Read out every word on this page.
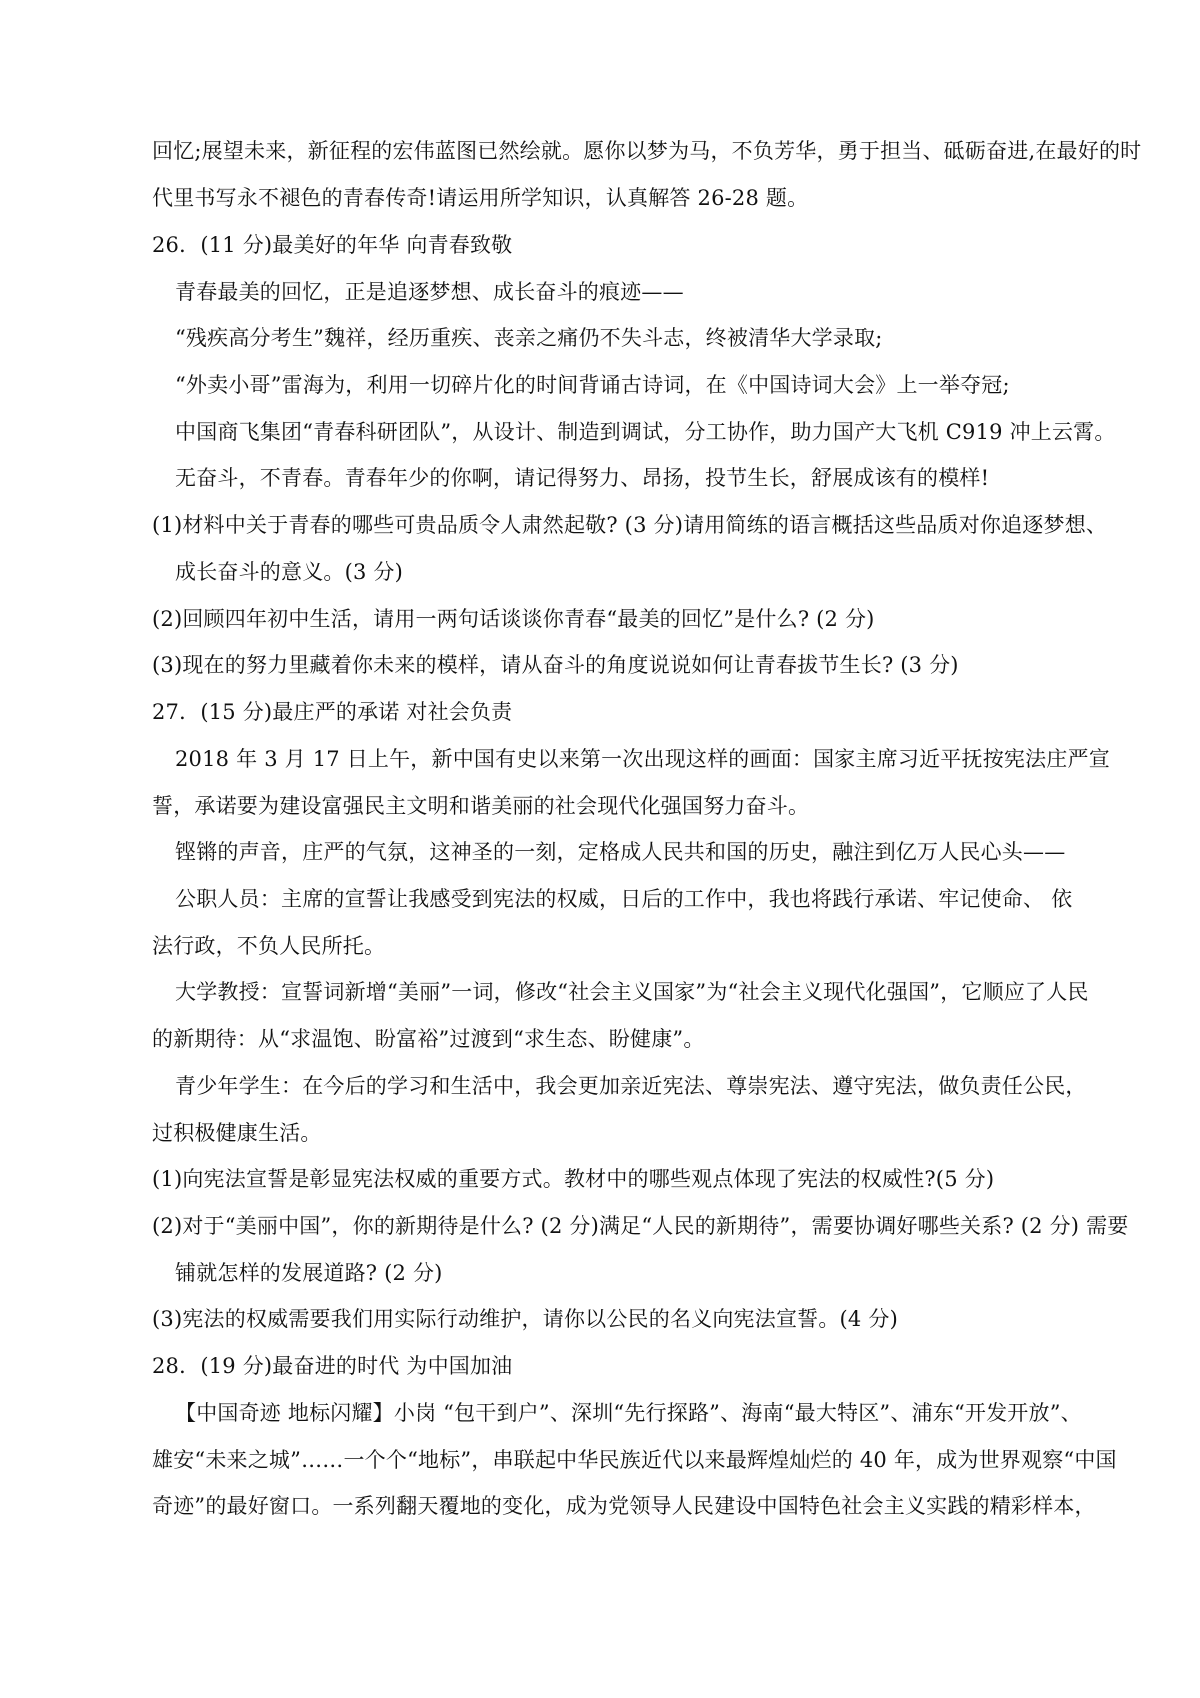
回忆;展望未来，新征程的宏伟蓝图已然绘就。愿你以梦为马，不负芳华，勇于担当、砥砺奋进,在最好的时
代里书写永不褪色的青春传奇!请运用所学知识，认真解答 26-28 题。
26．(11 分)最美好的年华 向青春致敬
青春最美的回忆，正是追逐梦想、成长奋斗的痕迹——
“残疾高分考生”魏祥，经历重疾、丧亲之痛仍不失斗志，终被清华大学录取;
“外卖小哥”雷海为，利用一切碎片化的时间背诵古诗词，在《中国诗词大会》上一举夺冠;
中国商飞集团“青春科研团队”，从设计、制造到调试，分工协作，助力国产大飞机 C919 冲上云霄。
无奋斗，不青春。青春年少的你啊，请记得努力、昂扬，投节生长，舒展成该有的模样!
(1)材料中关于青春的哪些可贵品质令人肃然起敬? (3 分)请用简练的语言概括这些品质对你追逐梦想、
成长奋斗的意义。(3 分)
(2)回顾四年初中生活，请用一两句话谈谈你青春“最美的回忆”是什么? (2 分)
(3)现在的努力里藏着你未来的模样，请从奋斗的角度说说如何让青春拔节生长? (3 分)
27．(15 分)最庄严的承诺 对社会负责
2018 年 3 月 17 日上午，新中国有史以来第一次出现这样的画面：国家主席习近平抚按宪法庄严宣
誓，承诺要为建设富强民主文明和谐美丽的社会现代化强国努力奋斗。
铿锵的声音，庄严的气氛，这神圣的一刻，定格成人民共和国的历史，融注到亿万人民心头——
公职人员：主席的宣誓让我感受到宪法的权威，日后的工作中，我也将践行承诺、牢记使命、 依
法行政，不负人民所托。
大学教授：宣誓词新增“美丽”一词，修改“社会主义国家”为“社会主义现代化强国”，它顺应了人民
的新期待：从“求温饱、盼富裕”过渡到“求生态、盼健康”。
青少年学生：在今后的学习和生活中，我会更加亲近宪法、尊崇宪法、遵守宪法，做负责任公民，
过积极健康生活。
(1)向宪法宣誓是彰显宪法权威的重要方式。教材中的哪些观点体现了宪法的权威性?(5 分)
(2)对于“美丽中国”，你的新期待是什么? (2 分)满足“人民的新期待”，需要协调好哪些关系? (2 分) 需要
铺就怎样的发展道路? (2 分)
(3)宪法的权威需要我们用实际行动维护，请你以公民的名义向宪法宣誓。(4 分)
28．(19 分)最奋进的时代 为中国加油
【中国奇迹 地标闪耀】小岗 “包干到户”、深圳“先行探路”、海南“最大特区”、浦东“开发开放”、
雄安“未来之城”……一个个“地标”，串联起中华民族近代以来最辉煌灿烂的 40 年，成为世界观察“中国
奇迹”的最好窗口。一系列翻天覆地的变化，成为党领导人民建设中国特色社会主义实践的精彩样本，
